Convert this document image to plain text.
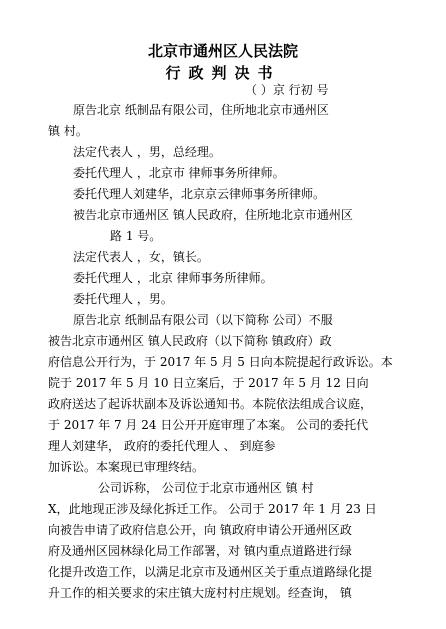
北京市通州区人民法院
行政判决书
（ ）京 行初 号
原告北京 纸制品有限公司，住所地北京市通州区
镇 村。
法定代表人 ，男，总经理。
委托代理人 ，北京市 律师事务所律师。
委托代理人刘建华，北京京云律师事务所律师。
被告北京市通州区 镇人民政府，住所地北京市通州区
路 1 号。
法定代表人 ，女，镇长。
委托代理人 ，北京 律师事务所律师。
委托代理人 ，男。
原告北京 纸制品有限公司（以下简称 公司）不服
被告北京市通州区 镇人民政府（以下简称 镇政府）政
府信息公开行为，于 2017 年 5 月 5 日向本院提起行政诉讼。本
院于 2017 年 5 月 10 日立案后，于 2017 年 5 月 12 日向
政府送达了起诉状副本及诉讼通知书。本院依法组成合议庭，
于 2017 年 7 月 24 日公开开庭审理了本案。 公司的委托代
理人刘建华， 政府的委托代理人 、 到庭参
加诉讼。本案现已审理终结。
公司诉称， 公司位于北京市通州区 镇 村
X，此地现正涉及绿化拆迁工作。 公司于 2017 年 1 月 23 日
向被告申请了政府信息公开，向 镇政府申请公开通州区政
府及通州区园林绿化局工作部署，对 镇内重点道路进行绿
化提升改造工作，以满足北京市及通州区关于重点道路绿化提
升工作的相关要求的宋庄镇大庞村村庄规划。经查询， 镇
